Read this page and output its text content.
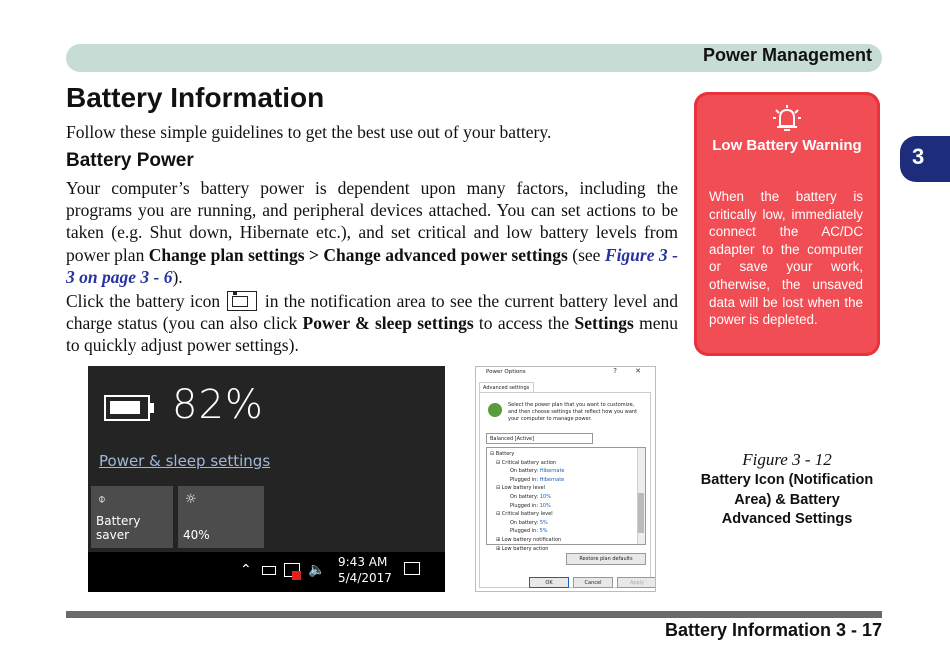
Power Management
3
Battery Information

Follow these simple guidelines to get the best use out of your battery.

Battery Power

Your computer’s battery power is dependent upon many factors, including the programs you are running, and peripheral devices attached. You can set actions to be taken (e.g. Shut down, Hibernate etc.), and set critical and low battery levels from power plan Change plan settings > Change advanced power settings (see Figure 3 - 3 on page 3 - 6).

Click the battery icon  in the notification area to see the current battery level and charge status (you can also click Power & sleep settings to access the Settings menu to quickly adjust power settings).

Low Battery Warning
When the battery is critically low, immediately connect the AC/DC adapter to the computer or save your work, otherwise, the unsaved data will be lost when the power is depleted.
Figure 3 - 12
Battery Icon (Notification Area) & Battery Advanced Settings
82%
Power & sleep settings
⌽
Battery saver
☼
40%
⌃	🔈 9:43 AM
5/4/2017
Power Options	? ✕
Advanced settings
Select the power plan that you want to customize, and then choose settings that reflect how you want your computer to manage power.
Balanced [Active]
⊟ Battery
⊟ Critical battery action
On battery: Hibernate
Plugged in: Hibernate
⊟ Low battery level
On battery: 10%
Plugged in: 10%
⊟ Critical battery level
On battery: 5%
Plugged in: 5%
⊞ Low battery notification
⊞ Low battery action
Restore plan defaults
OK	Cancel	Apply
Battery Information 3 - 17
